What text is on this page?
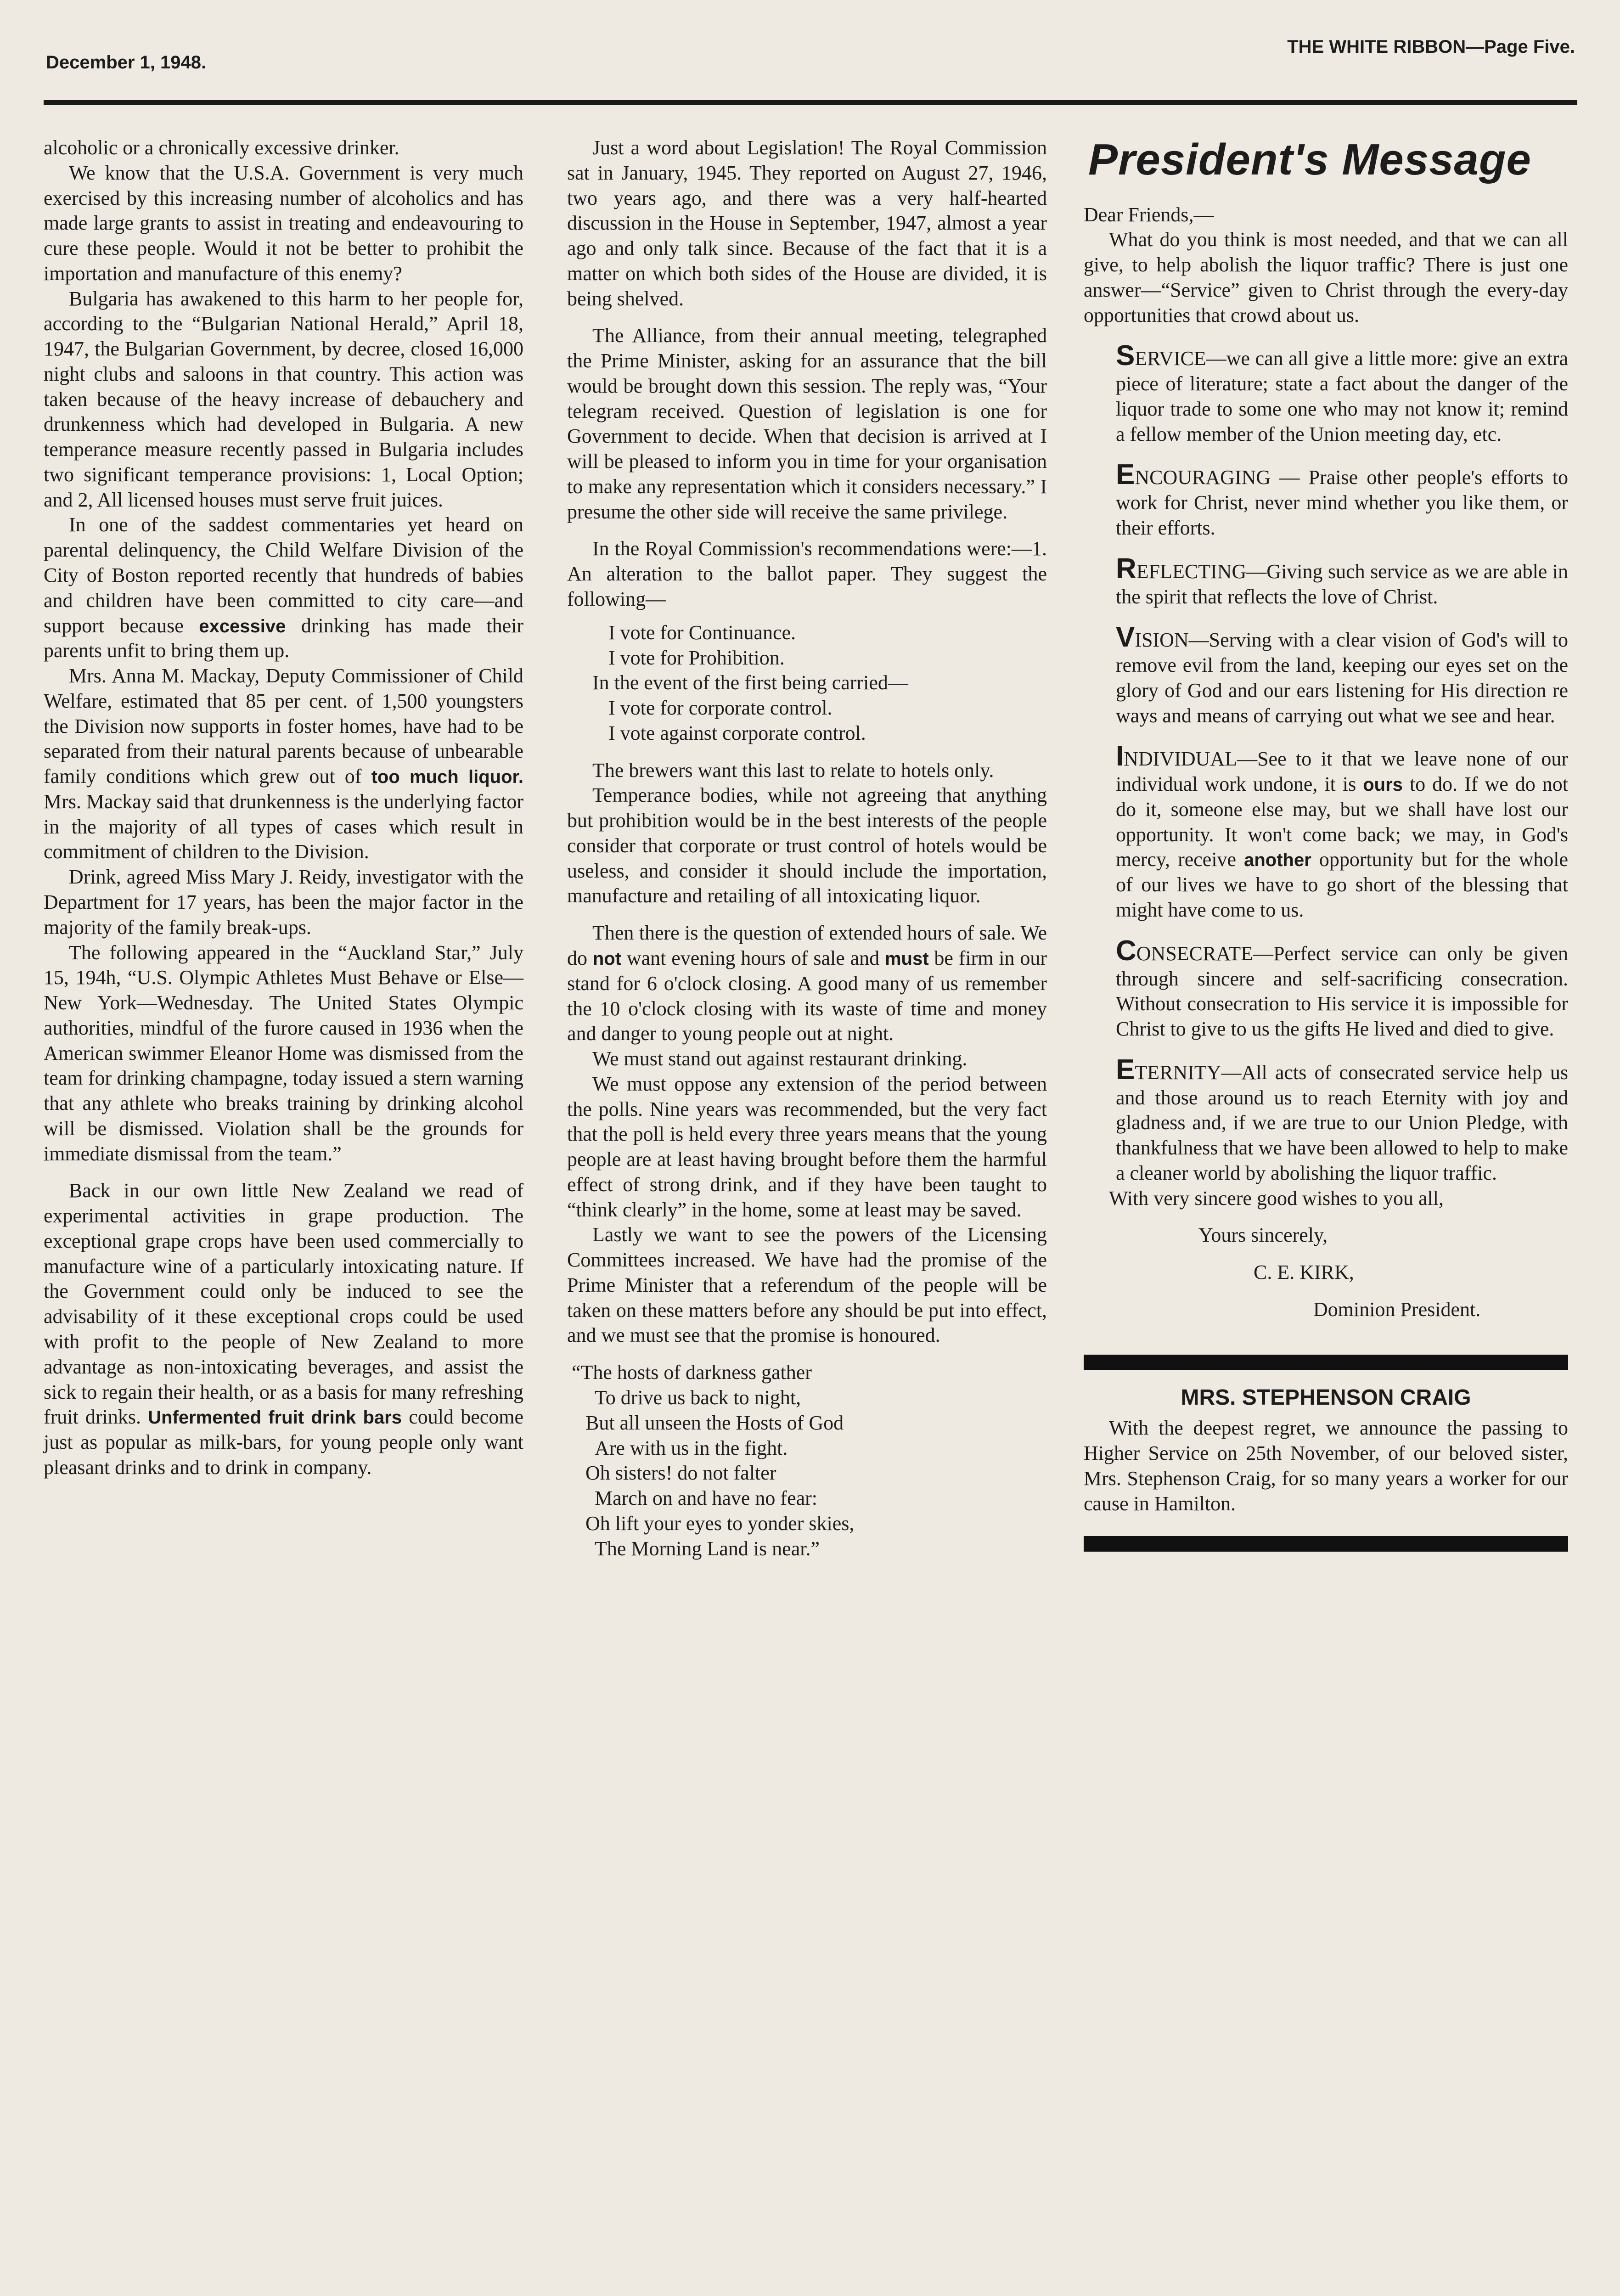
December 1, 1948.
THE WHITE RIBBON—Page Five.

alcoholic or a chronically excessive drinker.

We know that the U.S.A. Government is very much exercised by this increasing number of alcoholics and has made large grants to assist in treating and endeavouring to cure these people. Would it not be better to prohibit the importation and manufacture of this enemy?

Bulgaria has awakened to this harm to her people for, according to the “Bulgarian National Herald,” April 18, 1947, the Bulgarian Government, by decree, closed 16,000 night clubs and saloons in that country. This action was taken because of the heavy increase of debauchery and drunkenness which had developed in Bulgaria. A new temperance measure recently passed in Bulgaria includes two significant temperance provisions: 1, Local Option; and 2, All licensed houses must serve fruit juices.

In one of the saddest commentaries yet heard on parental delinquency, the Child Welfare Division of the City of Boston reported recently that hundreds of babies and children have been committed to city care—and support because excessive drinking has made their parents unfit to bring them up.

Mrs. Anna M. Mackay, Deputy Commissioner of Child Welfare, estimated that 85 per cent. of 1,500 youngsters the Division now supports in foster homes, have had to be separated from their natural parents because of unbearable family conditions which grew out of too much liquor. Mrs. Mackay said that drunkenness is the underlying factor in the majority of all types of cases which result in commitment of children to the Division.

Drink, agreed Miss Mary J. Reidy, investigator with the Department for 17 years, has been the major factor in the majority of the family break-ups.

The following appeared in the “Auckland Star,” July 15, 194h, “U.S. Olympic Athletes Must Behave or Else—New York—Wednesday. The United States Olympic authorities, mindful of the furore caused in 1936 when the American swimmer Eleanor Home was dismissed from the team for drinking champagne, today issued a stern warning that any athlete who breaks training by drinking alcohol will be dismissed. Violation shall be the grounds for immediate dismissal from the team.”

Back in our own little New Zealand we read of experimental activities in grape production. The exceptional grape crops have been used commercially to manufacture wine of a particularly intoxicating nature. If the Government could only be induced to see the advisability of it these exceptional crops could be used with profit to the people of New Zealand to more advantage as non-intoxicating beverages, and assist the sick to regain their health, or as a basis for many refreshing fruit drinks. Unfermented fruit drink bars could become just as popular as milk-bars, for young people only want pleasant drinks and to drink in company.

Just a word about Legislation! The Royal Commission sat in January, 1945. They reported on August 27, 1946, two years ago, and there was a very half-hearted discussion in the House in September, 1947, almost a year ago and only talk since. Because of the fact that it is a matter on which both sides of the House are divided, it is being shelved.

The Alliance, from their annual meeting, telegraphed the Prime Minister, asking for an assurance that the bill would be brought down this session. The reply was, “Your telegram received. Question of legislation is one for Government to decide. When that decision is arrived at I will be pleased to inform you in time for your organisation to make any representation which it considers necessary.” I presume the other side will receive the same privilege.

In the Royal Commission's recommendations were:—1. An alteration to the ballot paper. They suggest the following—

I vote for Continuance.
I vote for Prohibition.

In the event of the first being carried—

I vote for corporate control.
I vote against corporate control.

The brewers want this last to relate to hotels only.

Temperance bodies, while not agreeing that anything but prohibition would be in the best interests of the people consider that corporate or trust control of hotels would be useless, and consider it should include the importation, manufacture and retailing of all intoxicating liquor.

Then there is the question of extended hours of sale. We do not want evening hours of sale and must be firm in our stand for 6 o'clock closing. A good many of us remember the 10 o'clock closing with its waste of time and money and danger to young people out at night.

We must stand out against restaurant drinking.

We must oppose any extension of the period between the polls. Nine years was recommended, but the very fact that the poll is held every three years means that the young people are at least having brought before them the harmful effect of strong drink, and if they have been taught to “think clearly” in the home, some at least may be saved.

Lastly we want to see the powers of the Licensing Committees increased. We have had the promise of the Prime Minister that a referendum of the people will be taken on these matters before any should be put into effect, and we must see that the promise is honoured.

“The hosts of darkness gather
To drive us back to night,
But all unseen the Hosts of God
Are with us in the fight.
Oh sisters! do not falter
March on and have no fear:
Oh lift your eyes to yonder skies,
The Morning Land is near.”
President's Message

Dear Friends,—

What do you think is most needed, and that we can all give, to help abolish the liquor traffic? There is just one answer—“Service” given to Christ through the every-day opportunities that crowd about us.

SERVICE—we can all give a little more: give an extra piece of literature; state a fact about the danger of the liquor trade to some one who may not know it; remind a fellow member of the Union meeting day, etc.

ENCOURAGING — Praise other people's efforts to work for Christ, never mind whether you like them, or their efforts.

REFLECTING—Giving such service as we are able in the spirit that reflects the love of Christ.

VISION—Serving with a clear vision of God's will to remove evil from the land, keeping our eyes set on the glory of God and our ears listening for His direction re ways and means of carrying out what we see and hear.

INDIVIDUAL—See to it that we leave none of our individual work undone, it is ours to do. If we do not do it, someone else may, but we shall have lost our opportunity. It won't come back; we may, in God's mercy, receive another opportunity but for the whole of our lives we have to go short of the blessing that might have come to us.

CONSECRATE—Perfect service can only be given through sincere and self-sacrificing consecration. Without consecration to His service it is impossible for Christ to give to us the gifts He lived and died to give.

ETERNITY—All acts of consecrated service help us and those around us to reach Eternity with joy and gladness and, if we are true to our Union Pledge, with thankfulness that we have been allowed to help to make a cleaner world by abolishing the liquor traffic.

With very sincere good wishes to you all,

Yours sincerely,
C. E. KIRK,
Dominion President.
MRS. STEPHENSON CRAIG

With the deepest regret, we announce the passing to Higher Service on 25th November, of our beloved sister, Mrs. Stephenson Craig, for so many years a worker for our cause in Hamilton.
